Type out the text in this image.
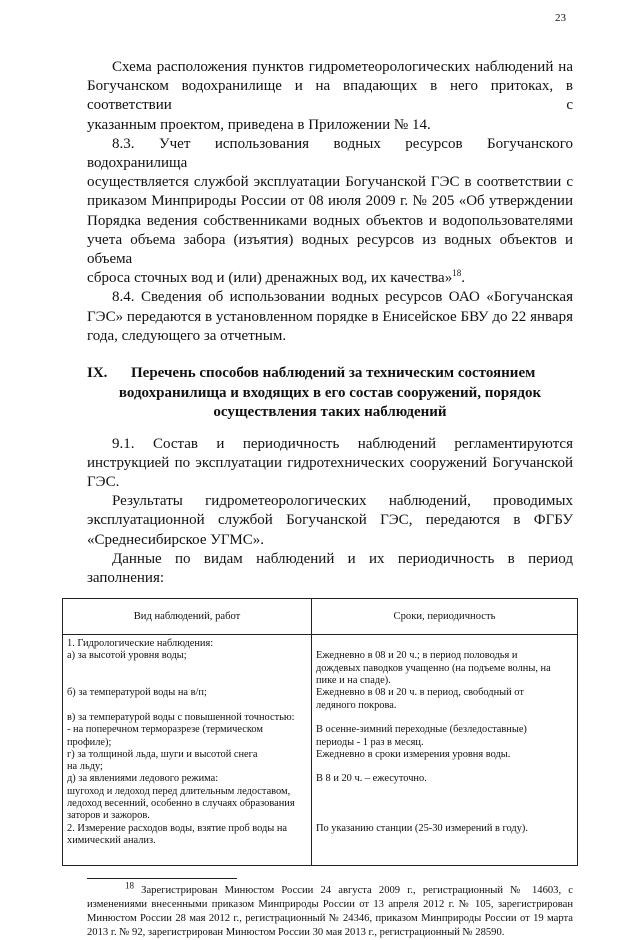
23
Схема расположения пунктов гидрометеорологических наблюдений на
Богучанском водохранилище и на впадающих в него притоках, в соответствии с
указанным проектом, приведена в Приложении № 14.
8.3. Учет использования водных ресурсов Богучанского водохранилища
осуществляется службой эксплуатации Богучанской ГЭС в соответствии с
приказом Минприроды России от 08 июля 2009 г. № 205 «Об утверждении
Порядка ведения собственниками водных объектов и водопользователями
учета объема забора (изъятия) водных ресурсов из водных объектов и объема
сброса сточных вод и (или) дренажных вод, их качества»$^{18}$.
8.4. Сведения об использовании водных ресурсов ОАО «Богучанская
ГЭС» передаются в установленном порядке в Енисейское БВУ до 22 января
года, следующего за отчетным.
IX.	Перечень способов наблюдений за техническим состоянием
водохранилища и входящих в его состав сооружений, порядок
осуществления таких наблюдений
9.1. Состав и периодичность наблюдений регламентируются
инструкцией по эксплуатации гидротехнических сооружений Богучанской
ГЭС.
Результаты гидрометеорологических наблюдений, проводимых
эксплуатационной службой Богучанской ГЭС, передаются в ФГБУ
«Среднесибирское УГМС».
Данные по видам наблюдений и их периодичность в период заполнения:
Вид наблюдений, работ	Сроки, периодичность
1. Гидрологические наблюдения:	
а) за высотой уровня воды;	Ежедневно в 08 и 20 ч.; в период половодья и
	дождевых паводков учащенно (на подъеме волны, на
	пике и на спаде).
б) за температурой воды на в/п;	Ежедневно в 08 и 20 ч. в период, свободный от
	ледяного покрова.
в) за температурой воды с повышенной точностью:	
- на поперечном терморазрезе (термическом	В осенне-зимний переходные (безледоставные)
профиле);	периоды - 1 раз в месяц.
г) за толщиной льда, шуги и высотой снега	Ежедневно в сроки измерения уровня воды.
на льду;	
д) за явлениями ледового режима:	В 8 и 20 ч. – ежесуточно.
шугоход и ледоход перед длительным ледоставом,	
ледоход весенний, особенно в случаях образования	
заторов и зажоров.	

2. Измерение расходов воды, взятие проб воды на	По указанию станции (25-30 измерений в году).
химический анализ.	
$^{18}$ Зарегистрирован Минюстом России 24 августа 2009 г., регистрационный № 14603, с изменениями внесенными приказом Минприроды России от 13 апреля 2012 г. № 105, зарегистрирован Минюстом России 28 мая 2012 г., регистрационный № 24346, приказом Минприроды России от 19 марта 2013 г. № 92, зарегистрирован Минюстом России 30 мая 2013 г., регистрационный № 28590.
